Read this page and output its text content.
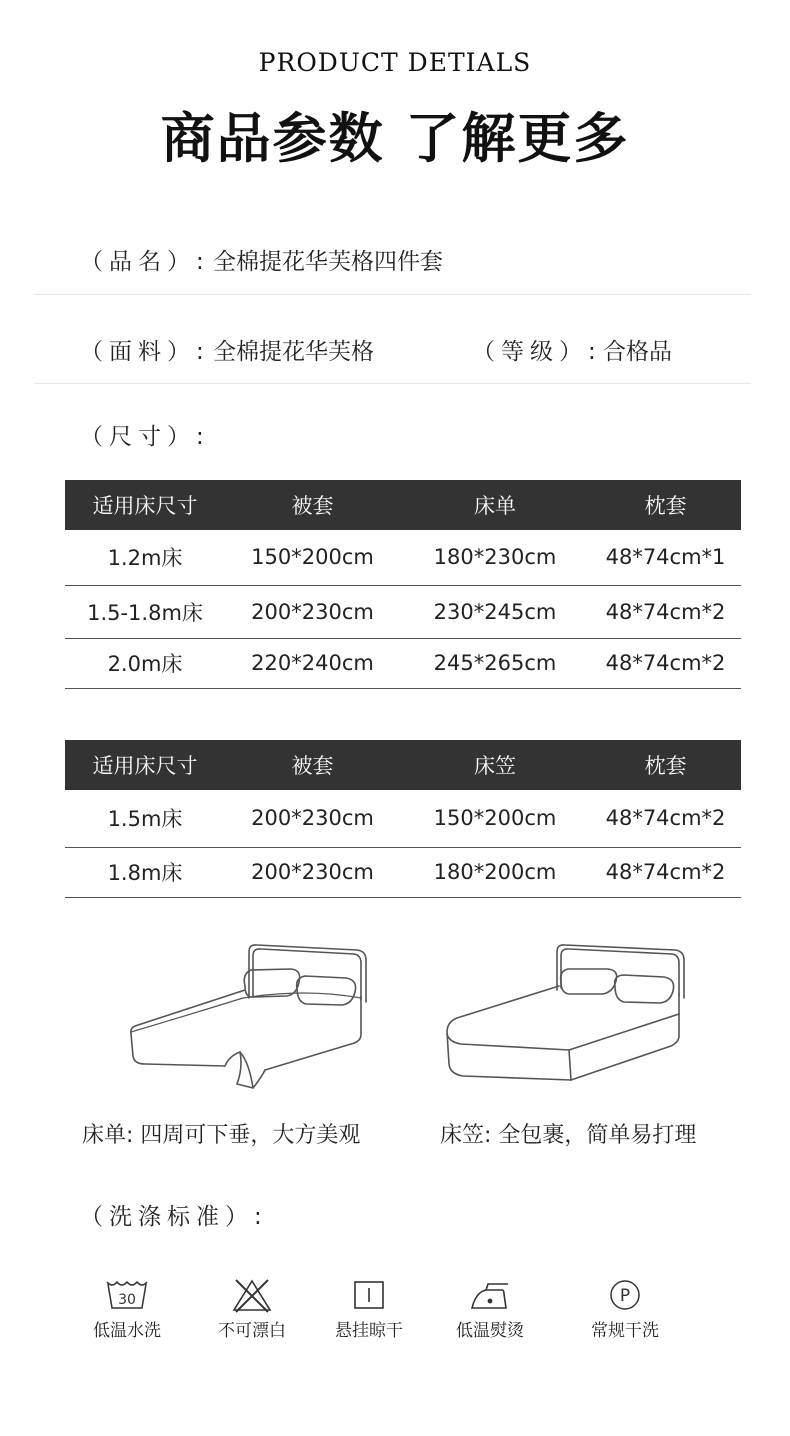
PRODUCT DETIALS
商品参数 了解更多
（品名）: 全棉提花华芙格四件套
（面料）: 全棉提花华芙格	（等级）: 合格品
（尺寸）:
适用床尺寸	被套	床单	枕套
1.2m床	150*200cm	180*230cm	48*74cm*1
1.5-1.8m床	200*230cm	230*245cm	48*74cm*2
2.0m床	220*240cm	245*265cm	48*74cm*2
适用床尺寸	被套	床笠	枕套
1.5m床	200*230cm	150*200cm	48*74cm*2
1.8m床	200*230cm	180*200cm	48*74cm*2
床单: 四周可下垂，大方美观	床笠: 全包裹，简单易打理
（洗涤标准）:
30
低温水洗	不可漂白	悬挂晾干	低温熨烫
P
常规干洗
